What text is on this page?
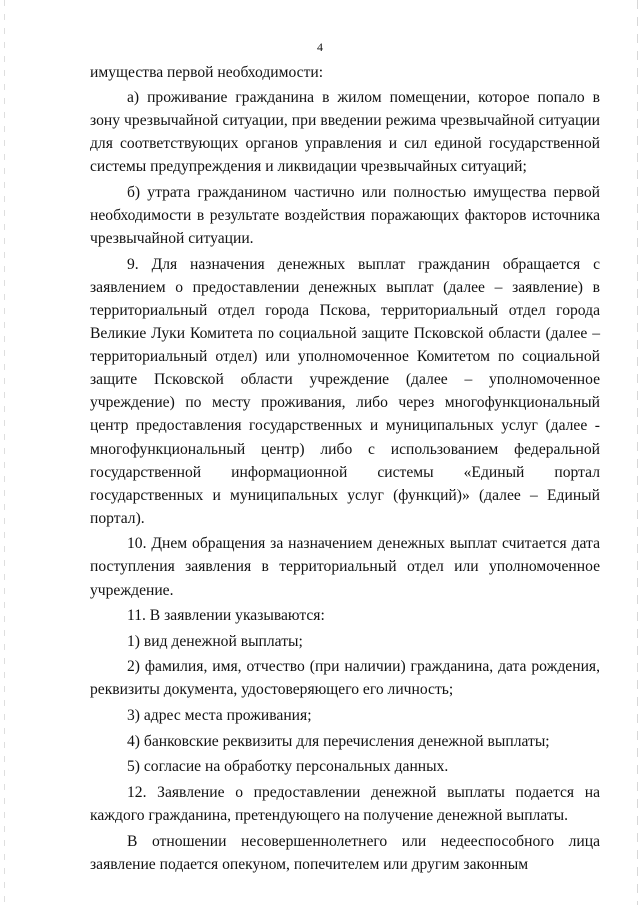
4

имущества первой необходимости:

а) проживание гражданина в жилом помещении, которое попало в зону чрезвычайной ситуации, при введении режима чрезвычайной ситуации для соответствующих органов управления и сил единой государственной системы предупреждения и ликвидации чрезвычайных ситуаций;

б) утрата гражданином частично или полностью имущества первой необходимости в результате воздействия поражающих факторов источника чрезвычайной ситуации.

9. Для назначения денежных выплат гражданин обращается с заявлением о предоставлении денежных выплат (далее – заявление) в территориальный отдел города Пскова, территориальный отдел города Великие Луки Комитета по социальной защите Псковской области (далее – территориальный отдел) или уполномоченное Комитетом по социальной защите Псковской области учреждение (далее – уполномоченное учреждение) по месту проживания, либо через многофункциональный центр предоставления государственных и муниципальных услуг (далее - многофункциональный центр) либо с использованием федеральной государственной информационной системы «Единый портал государственных и муниципальных услуг (функций)» (далее – Единый портал).

10. Днем обращения за назначением денежных выплат считается дата поступления заявления в территориальный отдел или уполномоченное учреждение.

11. В заявлении указываются:

1) вид денежной выплаты;

2) фамилия, имя, отчество (при наличии) гражданина, дата рождения, реквизиты документа, удостоверяющего его личность;

3) адрес места проживания;

4) банковские реквизиты для перечисления денежной выплаты;

5) согласие на обработку персональных данных.

12. Заявление о предоставлении денежной выплаты подается на каждого гражданина, претендующего на получение денежной выплаты.

В отношении несовершеннолетнего или недееспособного лица заявление подается опекуном, попечителем или другим законным
